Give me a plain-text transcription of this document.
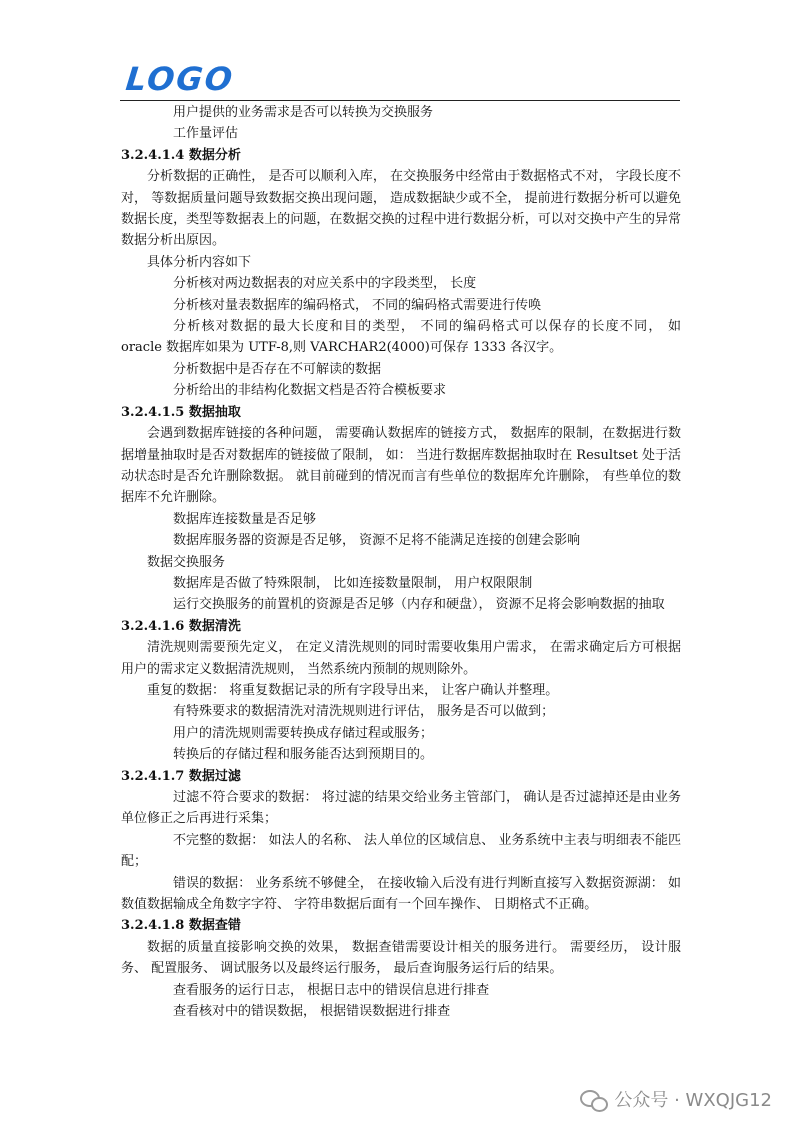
LOGO

用户提供的业务需求是否可以转换为交换服务

工作量评估

3.2.4.1.4 数据分析

分析数据的正确性， 是否可以顺利入库， 在交换服务中经常由于数据格式不对， 字段长度不对， 等数据质量问题导致数据交换出现问题， 造成数据缺少或不全， 提前进行数据分析可以避免数据长度，类型等数据表上的问题，在数据交换的过程中进行数据分析，可以对交换中产生的异常数据分析出原因。

具体分析内容如下

分析核对两边数据表的对应关系中的字段类型， 长度

分析核对量表数据库的编码格式， 不同的编码格式需要进行传唤

分析核对数据的最大长度和目的类型， 不同的编码格式可以保存的长度不同， 如 oracle 数据库如果为 UTF-8,则 VARCHAR2(4000)可保存 1333 各汉字。

分析数据中是否存在不可解读的数据

分析给出的非结构化数据文档是否符合模板要求

3.2.4.1.5 数据抽取

会遇到数据库链接的各种问题， 需要确认数据库的链接方式， 数据库的限制，在数据进行数据增量抽取时是否对数据库的链接做了限制， 如： 当进行数据库数据抽取时在 Resultset 处于活动状态时是否允许删除数据。 就目前碰到的情况而言有些单位的数据库允许删除， 有些单位的数据库不允许删除。

数据库连接数量是否足够

数据库服务器的资源是否足够， 资源不足将不能满足连接的创建会影响

数据交换服务

数据库是否做了特殊限制， 比如连接数量限制， 用户权限限制

运行交换服务的前置机的资源是否足够（内存和硬盘）， 资源不足将会影响数据的抽取

3.2.4.1.6 数据清洗

清洗规则需要预先定义， 在定义清洗规则的同时需要收集用户需求， 在需求确定后方可根据用户的需求定义数据清洗规则， 当然系统内预制的规则除外。

重复的数据： 将重复数据记录的所有字段导出来， 让客户确认并整理。

有特殊要求的数据清洗对清洗规则进行评估， 服务是否可以做到；

用户的清洗规则需要转换成存储过程或服务；

转换后的存储过程和服务能否达到预期目的。

3.2.4.1.7 数据过滤

过滤不符合要求的数据： 将过滤的结果交给业务主管部门， 确认是否过滤掉还是由业务单位修正之后再进行采集；

不完整的数据： 如法人的名称、 法人单位的区域信息、 业务系统中主表与明细表不能匹配；

错误的数据： 业务系统不够健全， 在接收输入后没有进行判断直接写入数据资源湖： 如数值数据输成全角数字字符、 字符串数据后面有一个回车操作、 日期格式不正确。

3.2.4.1.8 数据查错

数据的质量直接影响交换的效果， 数据查错需要设计相关的服务进行。 需要经历， 设计服务、 配置服务、 调试服务以及最终运行服务， 最后查询服务运行后的结果。

查看服务的运行日志， 根据日志中的错误信息进行排查

查看核对中的错误数据， 根据错误数据进行排查

公众号 · WXQJG12
